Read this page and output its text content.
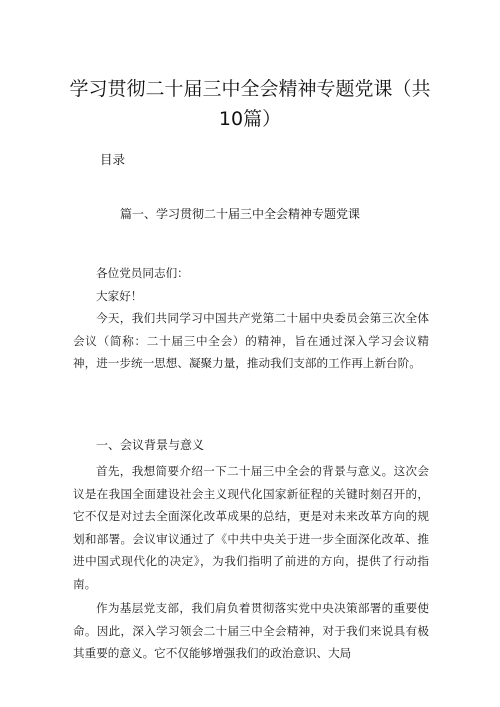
学习贯彻二十届三中全会精神专题党课（共10篇）
目录
篇一、学习贯彻二十届三中全会精神专题党课

各位党员同志们：

大家好！

今天，我们共同学习中国共产党第二十届中央委员会第三次全体会议（简称：二十届三中全会）的精神，旨在通过深入学习会议精神，进一步统一思想、凝聚力量，推动我们支部的工作再上新台阶。

一、会议背景与意义

首先，我想简要介绍一下二十届三中全会的背景与意义。这次会议是在我国全面建设社会主义现代化国家新征程的关键时刻召开的，它不仅是对过去全面深化改革成果的总结，更是对未来改革方向的规划和部署。会议审议通过了《中共中央关于进一步全面深化改革、推进中国式现代化的决定》，为我们指明了前进的方向，提供了行动指南。

作为基层党支部，我们肩负着贯彻落实党中央决策部署的重要使命。因此，深入学习领会二十届三中全会精神，对于我们来说具有极其重要的意义。它不仅能够增强我们的政治意识、大局
